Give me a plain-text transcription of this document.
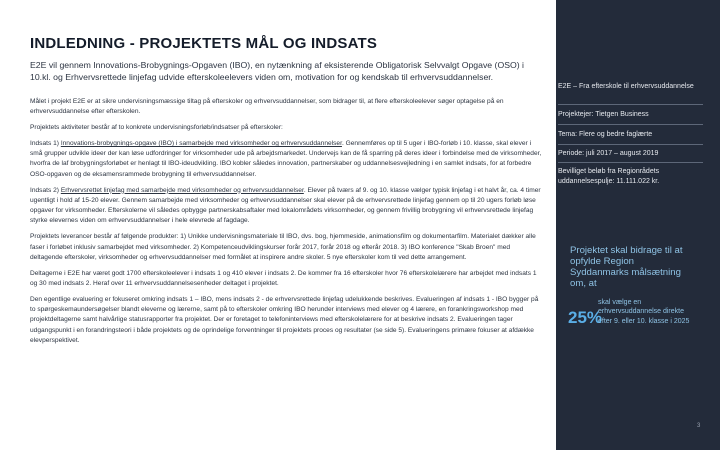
INDLEDNING - PROJEKTETS MÅL OG INDSATS
E2E vil gennem Innovations-Brobygnings-Opgaven (IBO), en nytænkning af eksisterende Obligatorisk Selvvalgt Opgave (OSO) i 10.kl. og Erhvervsrettede linjefag udvide efterskoleelevers viden om, motivation for og kendskab til erhvervsuddannelser.

Målet i projekt E2E er at sikre undervisningsmæssige tiltag på efterskoler og erhvervsuddannelser, som bidrager til, at flere efterskoleelever søger optagelse på en erhvervsuddannelse efter efterskolen.

Projektets aktiviteter består af to konkrete undervisningsforløb/indsatser på efterskoler:

Indsats 1) Innovations-brobygnings-opgave (IBO) i samarbejde med virksomheder og erhvervsuddannelser. Gennemføres op til 5 uger i IBO-forløb i 10. klasse, skal elever i små grupper udvikle ideer der kan løse udfordringer for virksomheder ude på arbejdsmarkedet. Undervejs kan de få sparring på deres ideer i forbindelse med de virksomheder, hvorfra de laf brobygningsforløbet er henlagt til IBO-ideudvikling. IBO kobler således innovation, partnerskaber og uddannelsesvejledning i en samlet indsats, for at forbedre OSO-opgaven og de eksamensrammede brobygning til erhvervsuddannelser.

Indsats 2) Erhvervsrettet linjefag med samarbejde med virksomheder og erhvervsuddannelser. Elever på tværs af 9. og 10. klasse vælger typisk linjefag i et halvt år, ca. 4 timer ugentligt i hold af 15-20 elever. Gennem samarbejde med virksomheder og erhvervsuddannelser skal elever på de erhvervsrettede linjefag gennem op til 20 ugers forløb løse opgaver for virksomheder. Efterskolerne vil således opbygge partnerskabsaftaler med lokalområdets virksomheder, og gennem frivillig brobygning vil erhvervsrettede linjefag styrke elevernes viden om erhvervsuddannelser i hele elevrede af fagdage.

Projektets leverancer består af følgende produkter: 1) Unikke undervisningsmateriale til IBO, dvs. bog, hjemmeside, animationsfilm og dokumentarfilm. Materialet dækker alle faser i forløbet inklusiv samarbejdet med virksomheder. 2) Kompetenceudviklingskurser forår 2017, forår 2018 og efterår 2018. 3) IBO konference "Skab Broen" med deltagende efterskoler, virksomheder og erhvervsuddannelser med formålet at inspirere andre skoler. 5 nye efterskoler kom til ved dette arrangement.

Deltagerne i E2E har været godt 1700 efterskoleelever i indsats 1 og 410 elever i indsats 2. De kommer fra 16 efterskoler hvor 76 efterskolelærere har arbejdet med indsats 1 og 30 med indsats 2. Heraf over 11 erhvervsuddannelsesenheder deltaget i projektet.

Den egentlige evaluering er fokuseret omkring indsats 1 – IBO, mens indsats 2 - de erhvervsrettede linjefag udelukkende beskrives. Evalueringen af indsats 1 - IBO bygger på to spørgeskemaundersøgelser blandt eleverne og lærerne, samt på to efterskoler omkring IBO herunder interviews med elever og 4 lærere, en forankringsworkshop med projektdeltagerne samt halvårlige statusrapporter fra projektet. Der er foretaget to telefoninterviews med efterskolelærere for at beskrive indsats 2. Evalueringen tager udgangspunkt i en forandringsteori i både projektets og de oprindelige forventninger til projektets proces og resultater (se side 5). Evalueringens primære fokuser at afdække elevperspektivet.

E2E – Fra efterskole til erhvervsuddannelse
Projektejer: Tietgen Business
Tema: Flere og bedre faglærte
Periode: juli 2017 – august 2019
Bevilliget beløb fra Regionrådets uddannelsespulje: 11.111.022 kr.
Projektet skal bidrage til at opfylde Region Syddanmarks målsætning om, at
25%
skal vælge en erhvervsuddannelse direkte efter 9. eller 10. klasse i 2025
3
